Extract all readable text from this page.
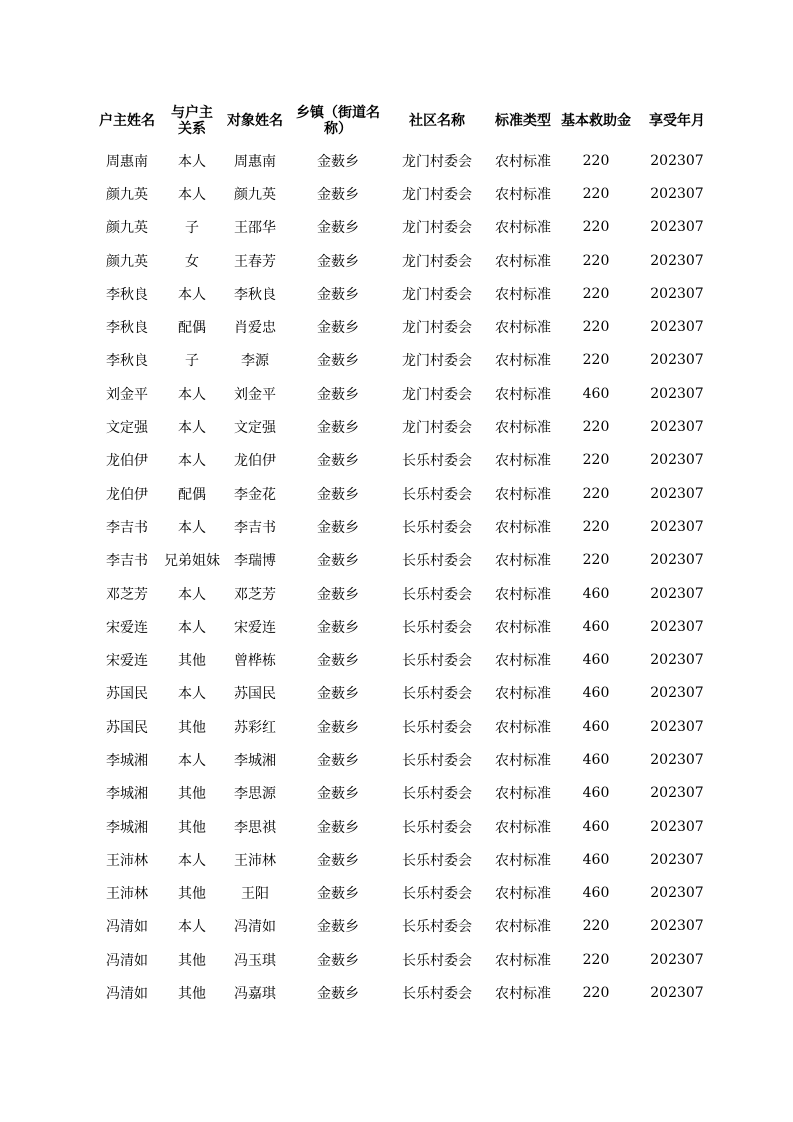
户主姓名	与户主关系	对象姓名	乡镇（街道名称）	社区名称	标准类型	基本救助金	享受年月
周惠南	本人	周惠南	金薮乡	龙门村委会	农村标准	220	202307
颜九英	本人	颜九英	金薮乡	龙门村委会	农村标准	220	202307
颜九英	子	王邵华	金薮乡	龙门村委会	农村标准	220	202307
颜九英	女	王春芳	金薮乡	龙门村委会	农村标准	220	202307
李秋良	本人	李秋良	金薮乡	龙门村委会	农村标准	220	202307
李秋良	配偶	肖爱忠	金薮乡	龙门村委会	农村标准	220	202307
李秋良	子	李源	金薮乡	龙门村委会	农村标准	220	202307
刘金平	本人	刘金平	金薮乡	龙门村委会	农村标准	460	202307
文定强	本人	文定强	金薮乡	龙门村委会	农村标准	220	202307
龙伯伊	本人	龙伯伊	金薮乡	长乐村委会	农村标准	220	202307
龙伯伊	配偶	李金花	金薮乡	长乐村委会	农村标准	220	202307
李吉书	本人	李吉书	金薮乡	长乐村委会	农村标准	220	202307
李吉书	兄弟姐妹	李瑞博	金薮乡	长乐村委会	农村标准	220	202307
邓芝芳	本人	邓芝芳	金薮乡	长乐村委会	农村标准	460	202307
宋爱连	本人	宋爱连	金薮乡	长乐村委会	农村标准	460	202307
宋爱连	其他	曾桦栋	金薮乡	长乐村委会	农村标准	460	202307
苏国民	本人	苏国民	金薮乡	长乐村委会	农村标准	460	202307
苏国民	其他	苏彩红	金薮乡	长乐村委会	农村标准	460	202307
李城湘	本人	李城湘	金薮乡	长乐村委会	农村标准	460	202307
李城湘	其他	李思源	金薮乡	长乐村委会	农村标准	460	202307
李城湘	其他	李思祺	金薮乡	长乐村委会	农村标准	460	202307
王沛林	本人	王沛林	金薮乡	长乐村委会	农村标准	460	202307
王沛林	其他	王阳	金薮乡	长乐村委会	农村标准	460	202307
冯清如	本人	冯清如	金薮乡	长乐村委会	农村标准	220	202307
冯清如	其他	冯玉琪	金薮乡	长乐村委会	农村标准	220	202307
冯清如	其他	冯嘉琪	金薮乡	长乐村委会	农村标准	220	202307
